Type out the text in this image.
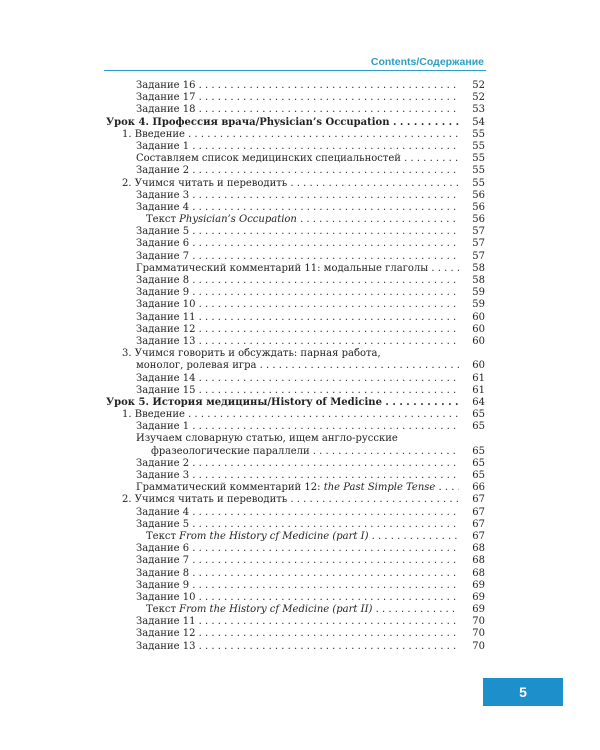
Contents/Содержание
Задание 16 . . .	52
Задание 17 . . .	52
Задание 18 . . .	53
Урок 4. Профессия врача/Physician’s Occupation . . .	54
1. Введение . . .	55
Задание 1 . . .	55
Составляем список медицинских специальностей . . .	55
Задание 2 . . .	55
2. Учимся читать и переводить . . .	55
Задание 3 . . .	56
Задание 4 . . .	56
Текст Physician’s Occupation . . .	56
Задание 5 . . .	57
Задание 6 . . .	57
Задание 7 . . .	57
Грамматический комментарий 11: модальные глаголы . . .	58
Задание 8 . . .	58
Задание 9 . . .	59
Задание 10 . . .	59
Задание 11 . . .	60
Задание 12 . . .	60
Задание 13 . . .	60
3. Учимся говорить и обсуждать: парная работа,
монолог, ролевая игра . . .	60
Задание 14 . . .	61
Задание 15 . . .	61
Урок 5. История медицины/History of Medicine . . .	64
1. Введение . . .	65
Задание 1 . . .	65
Изучаем словарную статью, ищем англо-русские
фразеологические параллели . . .	65
Задание 2 . . .	65
Задание 3 . . .	65
Грамматический комментарий 12: the Past Simple Tense . . .	66
2. Учимся читать и переводить . . .	67
Задание 4 . . .	67
Задание 5 . . .	67
Текст From the History cf Medicine (part I) . . .	67
Задание 6 . . .	68
Задание 7 . . .	68
Задание 8 . . .	68
Задание 9 . . .	69
Задание 10 . . .	69
Текст From the History cf Medicine (part II) . . .	69
Задание 11 . . .	70
Задание 12 . . .	70
Задание 13 . . .	70
5
